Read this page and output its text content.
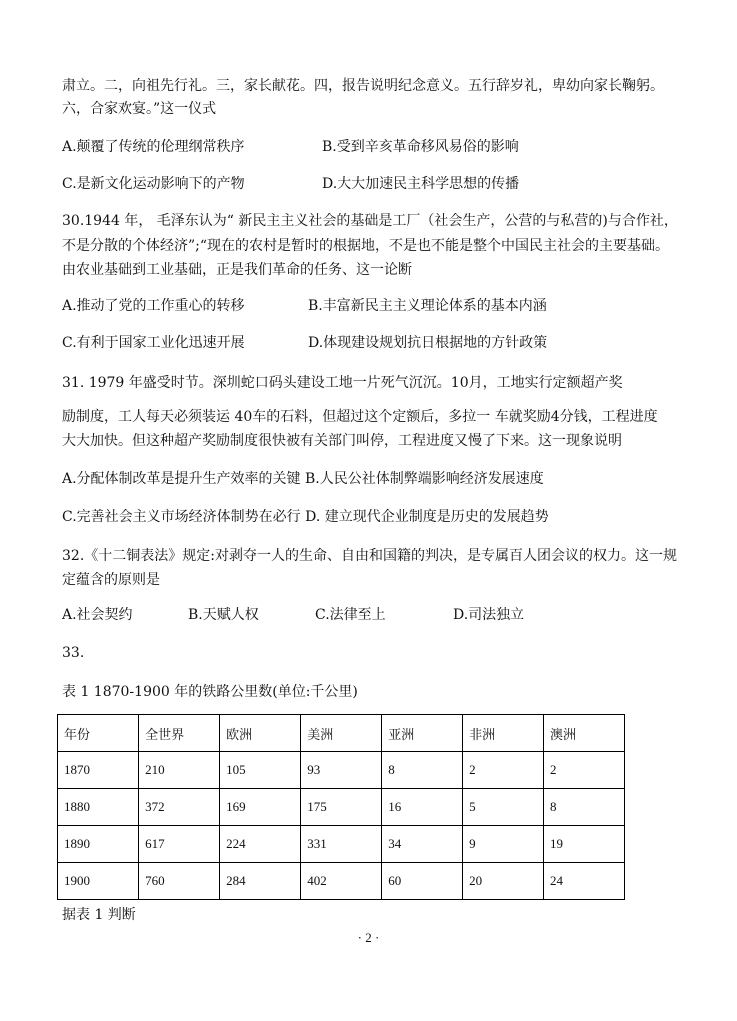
肃立。二，向祖先行礼。三，家长献花。四，报告说明纪念意义。五行辞岁礼，卑幼向家长鞠躬。
六，合家欢宴。”这一仪式
A.颠覆了传统的伦理纲常秩序	B.受到辛亥革命移风易俗的影响
C.是新文化运动影响下的产物	D.大大加速民主科学思想的传播
30.1944 年， 毛泽东认为“ 新民主主义社会的基础是工厂（社会生产，公营的与私营的)与合作社，
不是分散的个体经济”;“现在的农村是暂时的根据地，不是也不能是整个中国民主社会的主要基础。
由农业基础到工业基础，正是我们革命的任务、这一论断
A.推动了党的工作重心的转移	B.丰富新民主主义理论体系的基本内涵
C.有利于国家工业化迅速开展	D.体现建设规划抗日根据地的方针政策
31. 1979 年盛受时节。深圳蛇口码头建设工地一片死气沉沉。10月，工地实行定额超产奖
励制度，工人每天必须装运 40车的石料，但超过这个定额后，多拉一 车就奖励4分钱，工程进度
大大加快。但这种超产奖励制度很快被有关部门叫停，工程进度又慢了下来。这一现象说明
A.分配体制改革是提升生产效率的关键 B.人民公社体制弊端影响经济发展速度
C.完善社会主义市场经济体制势在必行 D. 建立现代企业制度是历史的发展趋势
32.《十二铜表法》规定:对剥夺一人的生命、自由和国籍的判决，是专属百人团会议的权力。这一规
定蕴含的原则是
A.社会契约	B.天赋人权	C.法律至上	D.司法独立
33.
表 1 1870-1900 年的铁路公里数(单位:千公里)
年份	全世界	欧洲	美洲	亚洲	非洲	澳洲
1870	210	105	93	8	2	2
1880	372	169	175	16	5	8
1890	617	224	331	34	9	19
1900	760	284	402	60	20	24
据表 1 判断
· 2 ·
